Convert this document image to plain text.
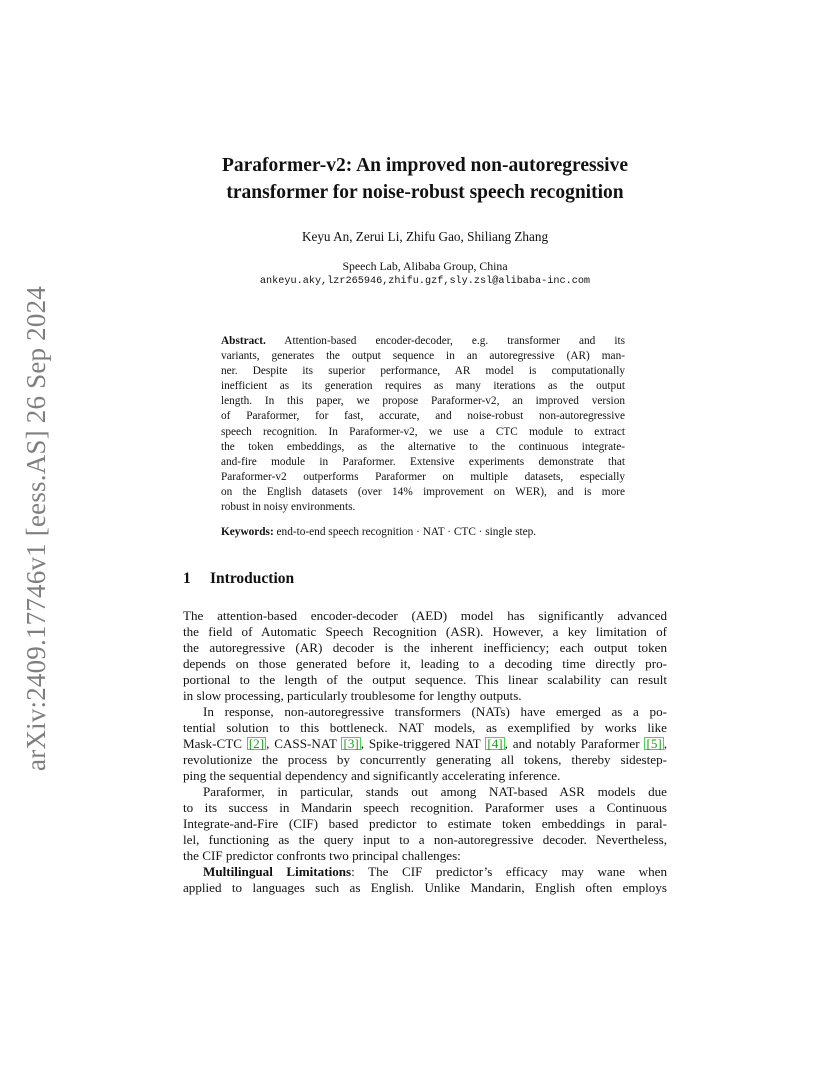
arXiv:2409.17746v1 [eess.AS] 26 Sep 2024
Paraformer-v2: An improved non-autoregressive
transformer for noise-robust speech recognition
Keyu An, Zerui Li, Zhifu Gao, Shiliang Zhang
Speech Lab, Alibaba Group, China
ankeyu.aky,lzr265946,zhifu.gzf,sly.zsl@alibaba-inc.com
Abstract. Attention-based encoder-decoder, e.g. transformer and its
variants, generates the output sequence in an autoregressive (AR) man-
ner. Despite its superior performance, AR model is computationally
inefficient as its generation requires as many iterations as the output
length. In this paper, we propose Paraformer-v2, an improved version
of Paraformer, for fast, accurate, and noise-robust non-autoregressive
speech recognition. In Paraformer-v2, we use a CTC module to extract
the token embeddings, as the alternative to the continuous integrate-
and-fire module in Paraformer. Extensive experiments demonstrate that
Paraformer-v2 outperforms Paraformer on multiple datasets, especially
on the English datasets (over 14% improvement on WER), and is more
robust in noisy environments.
Keywords: end-to-end speech recognition · NAT · CTC · single step.
1 Introduction
The attention-based encoder-decoder (AED) model has significantly advanced
the field of Automatic Speech Recognition (ASR). However, a key limitation of
the autoregressive (AR) decoder is the inherent inefficiency; each output token
depends on those generated before it, leading to a decoding time directly pro-
portional to the length of the output sequence. This linear scalability can result
in slow processing, particularly troublesome for lengthy outputs.
In response, non-autoregressive transformers (NATs) have emerged as a po-
tential solution to this bottleneck. NAT models, as exemplified by works like
Mask-CTC [2] , CASS-NAT [3] , Spike-triggered NAT [4] , and notably Paraformer [5] ,
revolutionize the process by concurrently generating all tokens, thereby sidestep-
ping the sequential dependency and significantly accelerating inference.
Paraformer, in particular, stands out among NAT-based ASR models due
to its success in Mandarin speech recognition. Paraformer uses a Continuous
Integrate-and-Fire (CIF) based predictor to estimate token embeddings in paral-
lel, functioning as the query input to a non-autoregressive decoder. Nevertheless,
the CIF predictor confronts two principal challenges:
Multilingual Limitations: The CIF predictor’s efficacy may wane when
applied to languages such as English. Unlike Mandarin, English often employs
